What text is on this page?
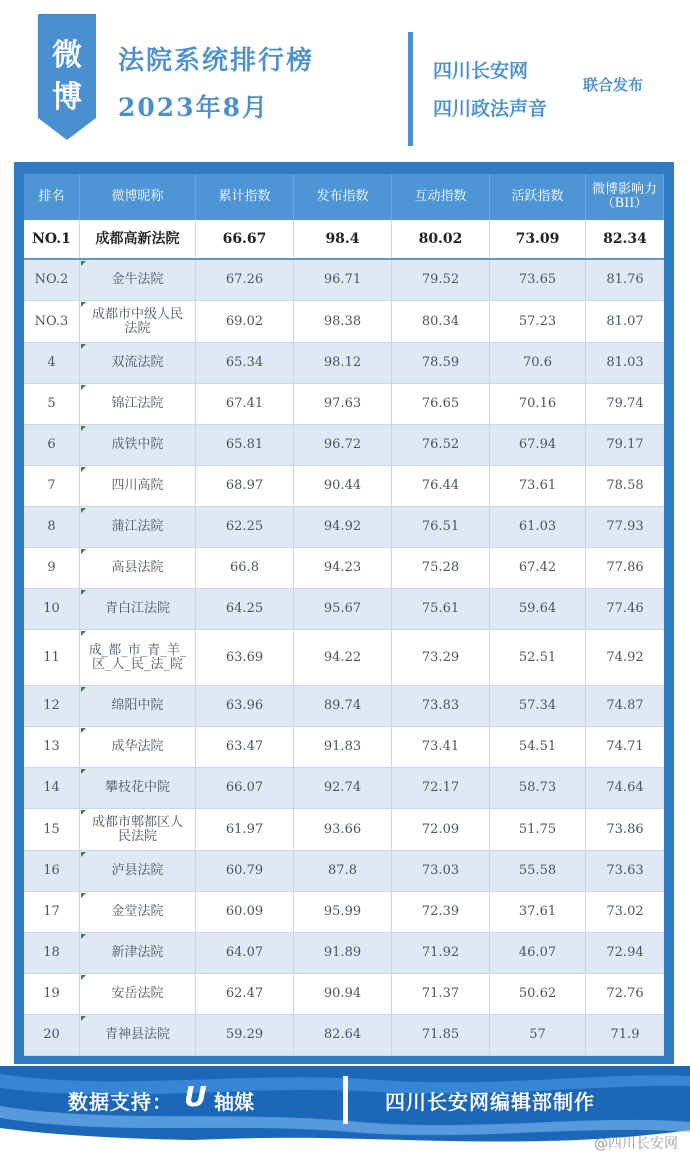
微
博
法院系统排行榜
2023年8月
四川长安网
四川政法声音
联合发布
排名	微博昵称	累计指数	发布指数	互动指数	活跃指数	微博影响力
（BII）
NO.1 成都高新法院	66.67	98.4	80.02	73.09	82.34
NO.2	金牛法院	67.26	96.71	79.52	73.65	81.76
NO.3	成都市中级人民法院	69.02	98.38	80.34	57.23	81.07
4	双流法院	65.34	98.12	78.59	70.6	81.03
5	锦江法院	67.41	97.63	76.65	70.16	79.74
6	成铁中院	65.81	96.72	76.52	67.94	79.17
7	四川高院	68.97	90.44	76.44	73.61	78.58
8	蒲江法院	62.25	94.92	76.51	61.03	77.93
9	高县法院	66.8	94.23	75.28	67.42	77.86
10	青白江法院	64.25	95.67	75.61	59.64	77.46
11 成_都_市_青_羊_区_人_民_法_院	63.69	94.22	73.29	52.51	74.92
12	绵阳中院	63.96	89.74	73.83	57.34	74.87
13	成华法院	63.47	91.83	73.41	54.51	74.71
14	攀枝花中院	66.07	92.74	72.17	58.73	74.64
15	成都市郫都区人民法院	61.97	93.66	72.09	51.75	73.86
16	泸县法院	60.79	87.8	73.03	55.58	73.63
17	金堂法院	60.09	95.99	72.39	37.61	73.02
18	新津法院	64.07	91.89	71.92	46.07	72.94
19	安岳法院	62.47	90.94	71.37	50.62	72.76
20	青神县法院	59.29	82.64	71.85	57	71.9
数据支持： U 轴媒	四川长安网编辑部制作
@四川长安网
